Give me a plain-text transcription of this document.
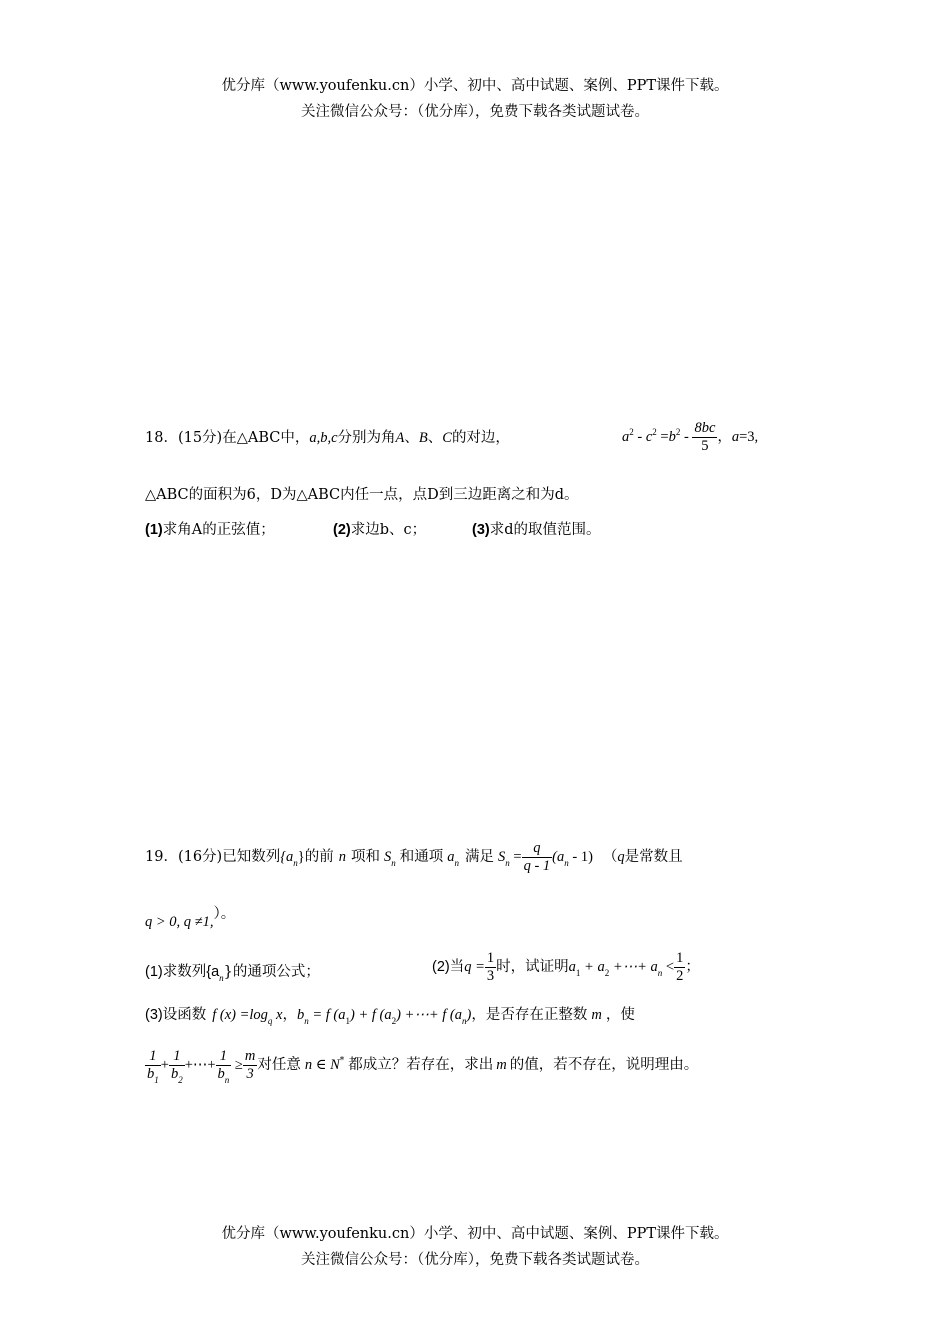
优分库（www.youfenku.cn）小学、初中、高中试题、案例、PPT课件下载。
关注微信公众号：（优分库），免费下载各类试题试卷。
18．(15分)在△ABC中，a,b,c分别为角A、B、C的对边，	$a^2 - c^2 =b^2 - \frac{8bc}{5}$ ，a=3,
△ABC的面积为6，D为△ABC内任一点，点D到三边距离之和为d。
(1)求角A的正弦值；	(2)求边b、c；	(3)求d的取值范围。
19．(16分)已知数列$\{a_n\}$的前 n 项和 $S_n$ 和通项 $a_n$ 满足 $S_n = \frac{q}{q - 1} (a_n - 1)$ （q是常数且
q > 0, q ≠1,）。
(1)求数列$\{a_n\}$的通项公式；	(2)当$q = \frac{1}{3}$ 时，试证明$a_1 + a_2$ +⋯+ $a_n < \frac{1}{2}$ ；
(3)设函数 f $(x) =\log_q$ x，$b_n = f$ $(a_1) + f$ $(a_2)$ +⋯+ f $(a_n)$，是否存在正整数 m ，使
$\frac{1}{b_1} + \frac{1}{b_2}$ +⋯+ $\frac{1}{b_n} \ge \frac{m}{3}$ 对任意 n ∈ N* 都成立？若存在，求出 m 的值，若不存在，说明理由。
优分库（www.youfenku.cn）小学、初中、高中试题、案例、PPT课件下载。
关注微信公众号：（优分库），免费下载各类试题试卷。
